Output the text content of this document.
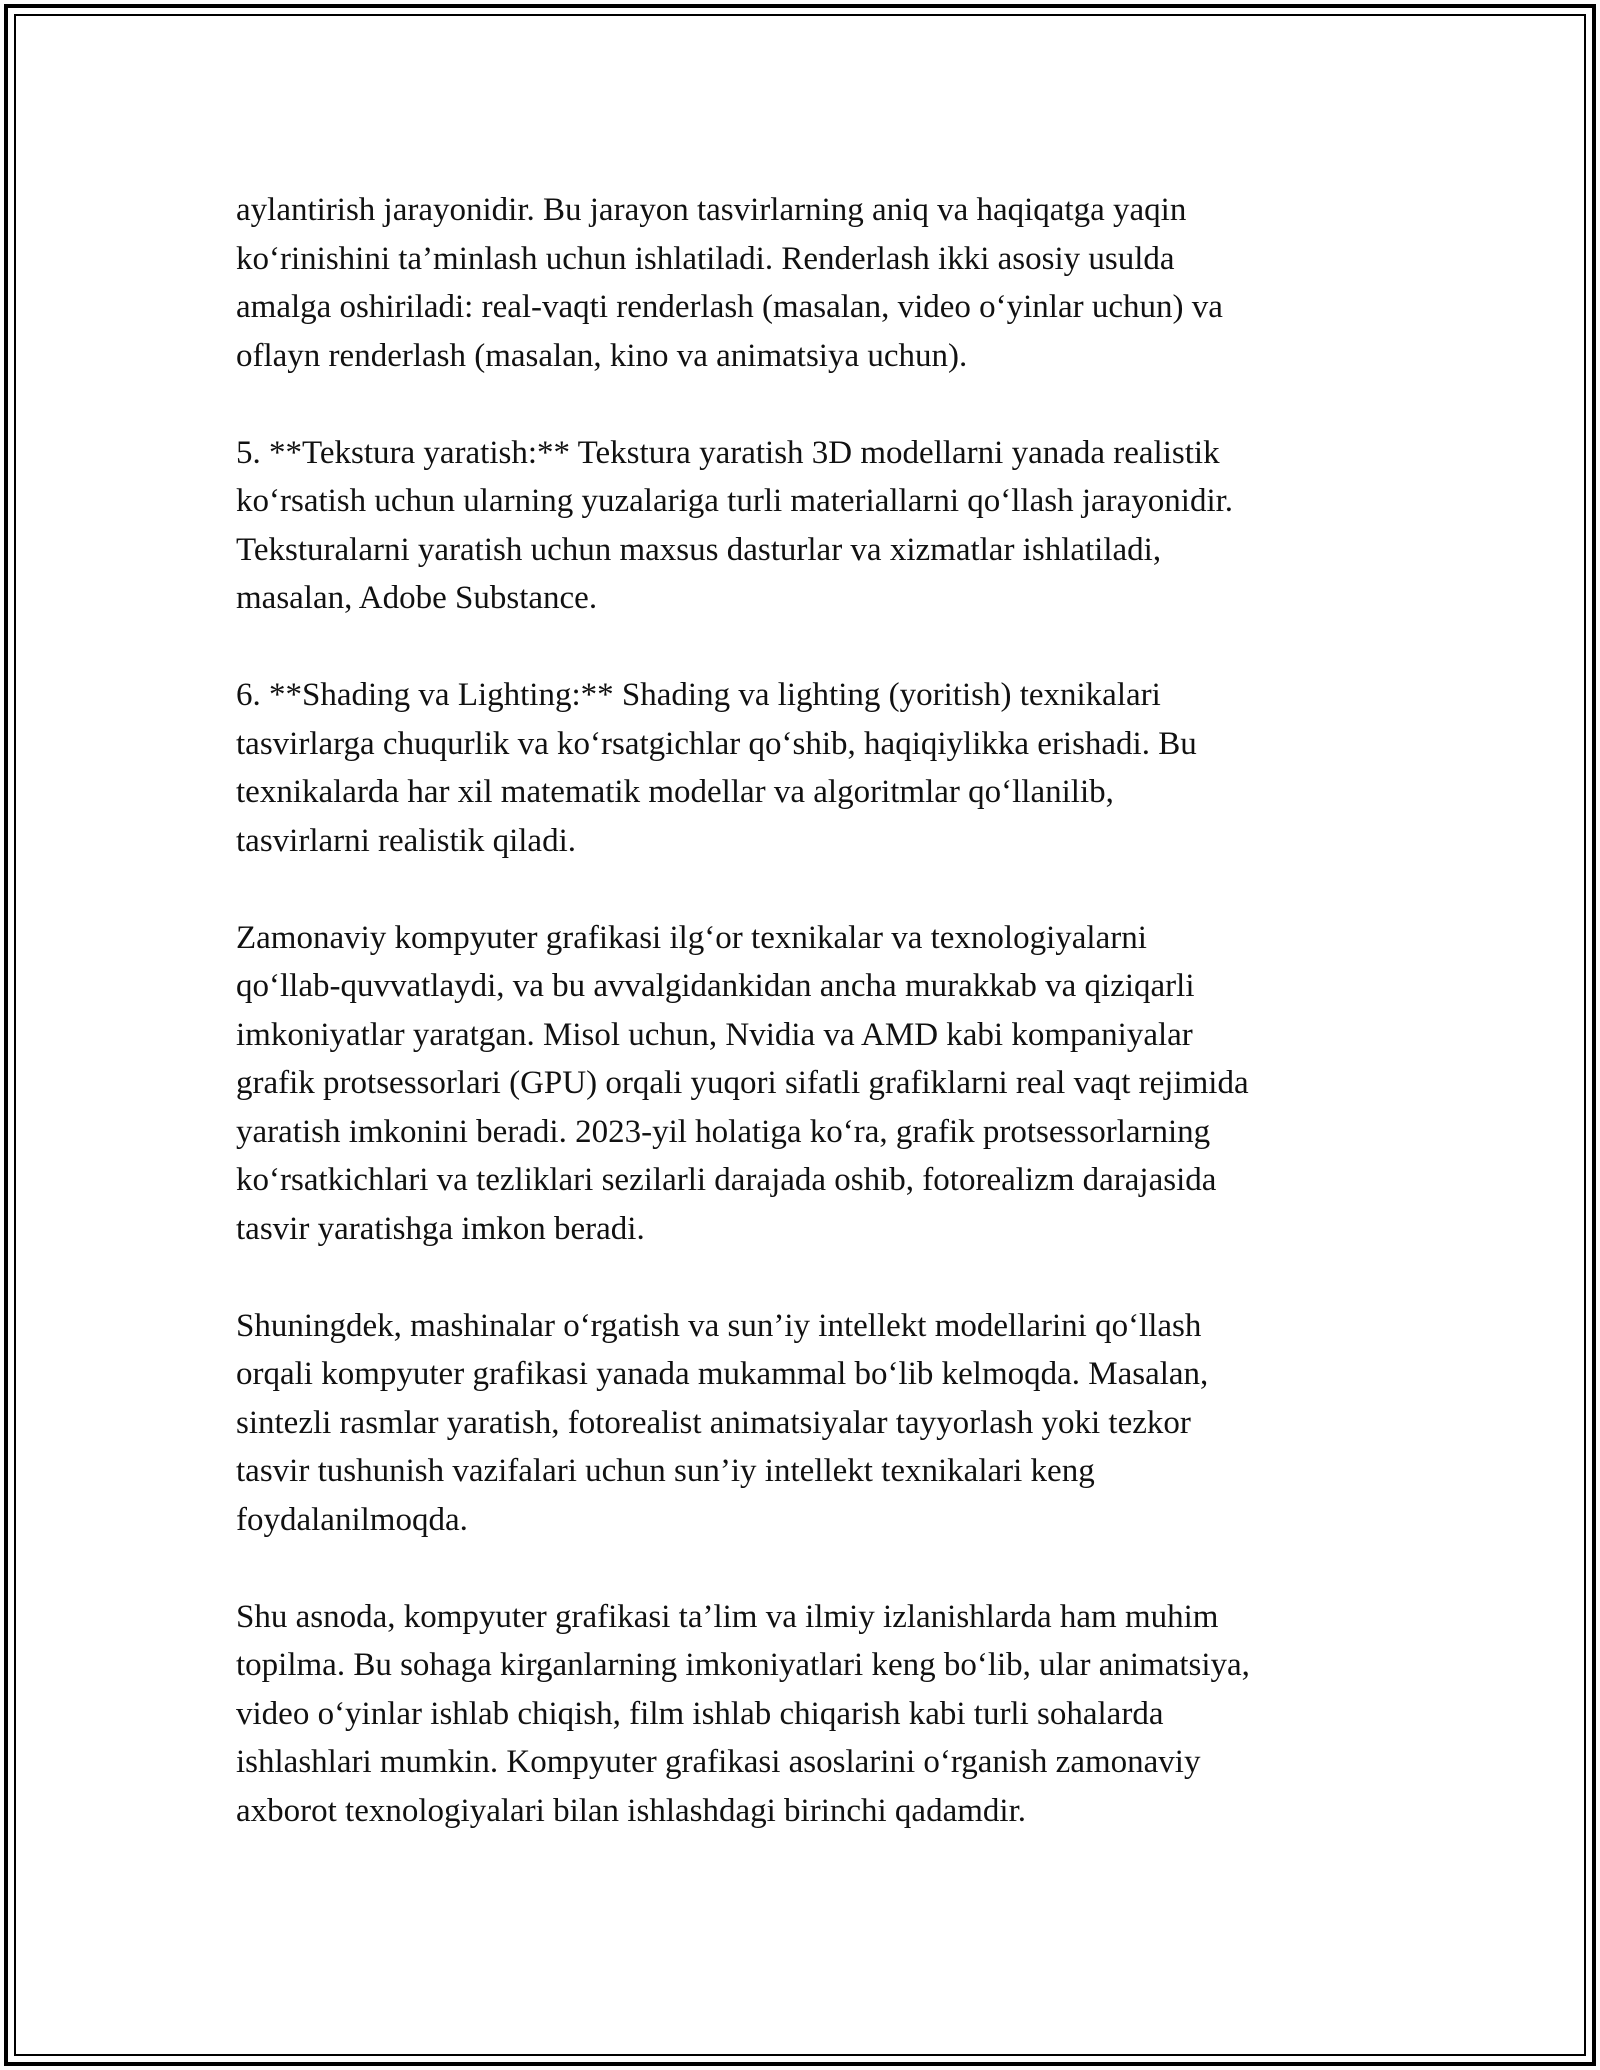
aylantirish jarayonidir. Bu jarayon tasvirlarning aniq va haqiqatga yaqin
ko‘rinishini ta’minlash uchun ishlatiladi. Renderlash ikki asosiy usulda
amalga oshiriladi: real-vaqti renderlash (masalan, video o‘yinlar uchun) va
oflayn renderlash (masalan, kino va animatsiya uchun).

5. **Tekstura yaratish:** Tekstura yaratish 3D modellarni yanada realistik
ko‘rsatish uchun ularning yuzalariga turli materiallarni qo‘llash jarayonidir.
Teksturalarni yaratish uchun maxsus dasturlar va xizmatlar ishlatiladi,
masalan, Adobe Substance.

6. **Shading va Lighting:** Shading va lighting (yoritish) texnikalari
tasvirlarga chuqurlik va ko‘rsatgichlar qo‘shib, haqiqiylikka erishadi. Bu
texnikalarda har xil matematik modellar va algoritmlar qo‘llanilib,
tasvirlarni realistik qiladi.

Zamonaviy kompyuter grafikasi ilg‘or texnikalar va texnologiyalarni
qo‘llab-quvvatlaydi, va bu avvalgidankidan ancha murakkab va qiziqarli
imkoniyatlar yaratgan. Misol uchun, Nvidia va AMD kabi kompaniyalar
grafik protsessorlari (GPU) orqali yuqori sifatli grafiklarni real vaqt rejimida
yaratish imkonini beradi. 2023-yil holatiga ko‘ra, grafik protsessorlarning
ko‘rsatkichlari va tezliklari sezilarli darajada oshib, fotorealizm darajasida
tasvir yaratishga imkon beradi.

Shuningdek, mashinalar o‘rgatish va sun’iy intellekt modellarini qo‘llash
orqali kompyuter grafikasi yanada mukammal bo‘lib kelmoqda. Masalan,
sintezli rasmlar yaratish, fotorealist animatsiyalar tayyorlash yoki tezkor
tasvir tushunish vazifalari uchun sun’iy intellekt texnikalari keng
foydalanilmoqda.

Shu asnoda, kompyuter grafikasi ta’lim va ilmiy izlanishlarda ham muhim
topilma. Bu sohaga kirganlarning imkoniyatlari keng bo‘lib, ular animatsiya,
video o‘yinlar ishlab chiqish, film ishlab chiqarish kabi turli sohalarda
ishlashlari mumkin. Kompyuter grafikasi asoslarini o‘rganish zamonaviy
axborot texnologiyalari bilan ishlashdagi birinchi qadamdir.
